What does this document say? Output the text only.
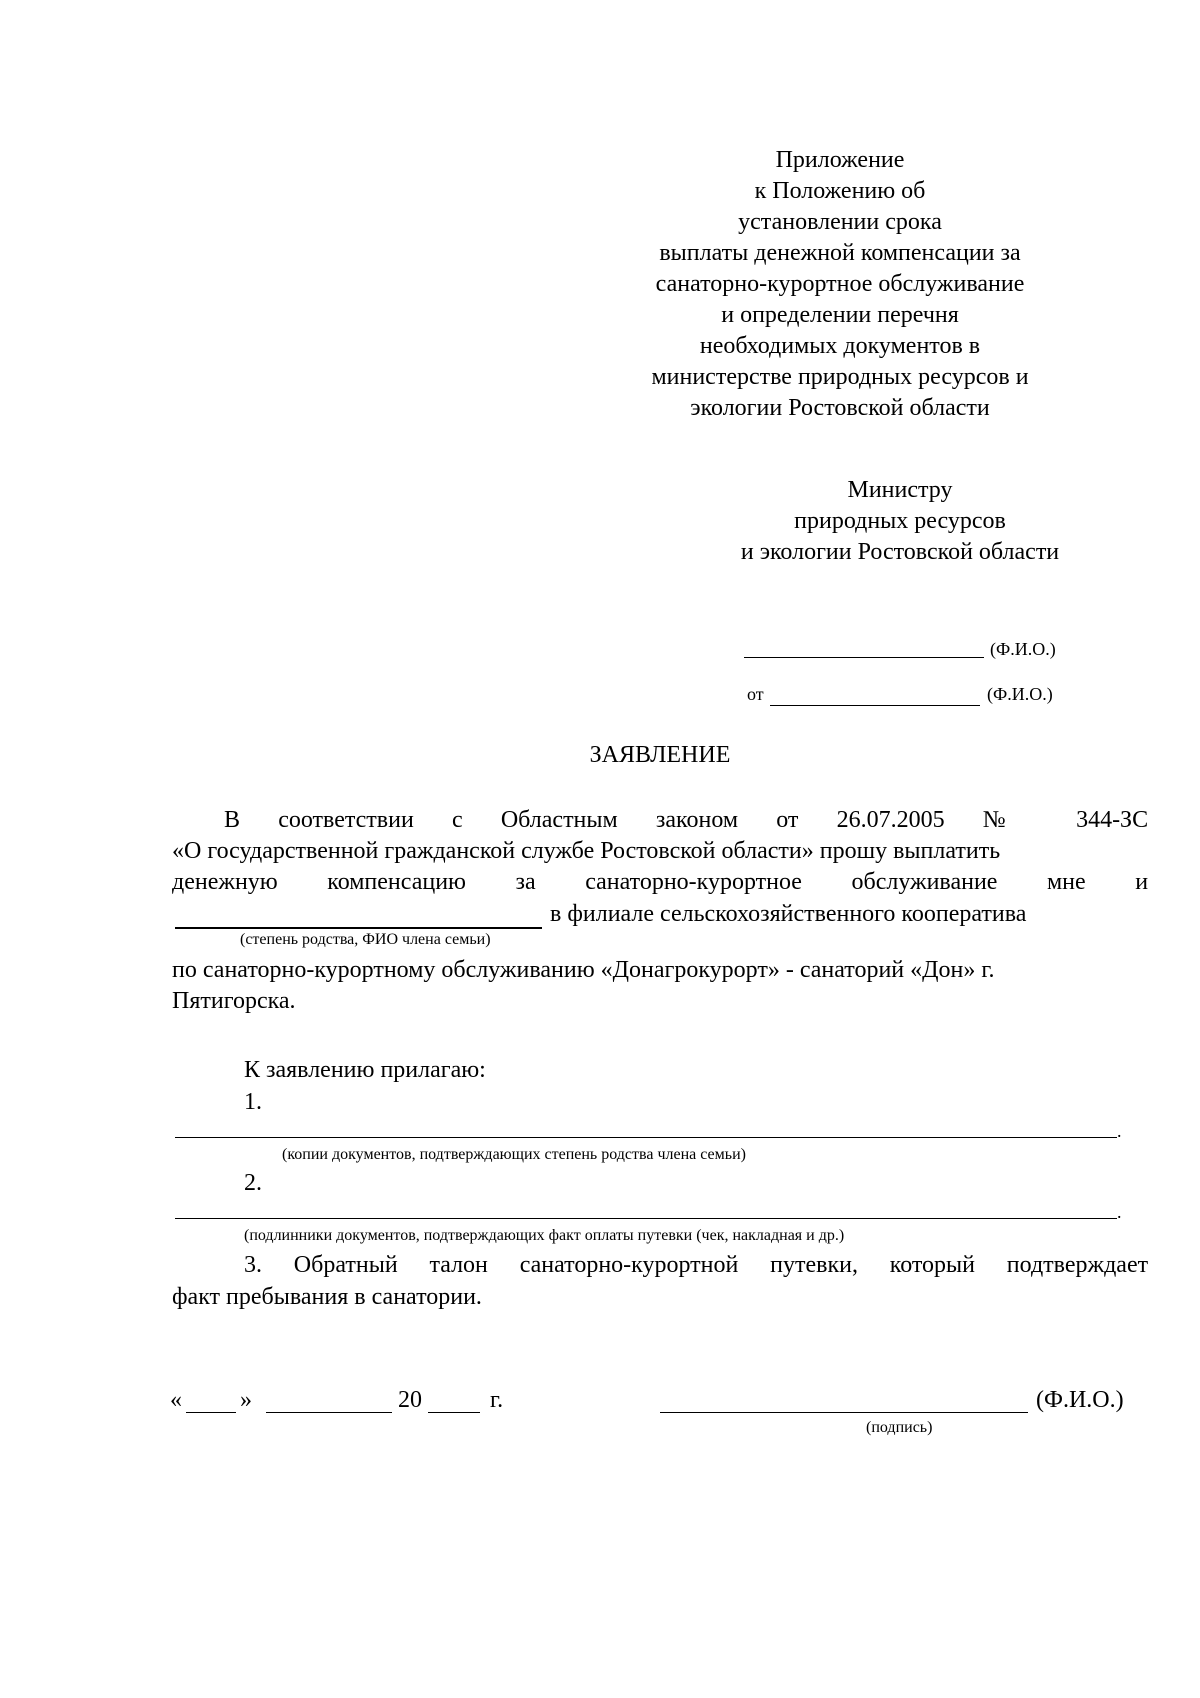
Приложение
к Положению об
установлении срока
выплаты денежной компенсации за
санаторно-курортное обслуживание
и определении перечня
необходимых документов в
министерстве природных ресурсов и
экологии Ростовской области
Министру
природных ресурсов
и экологии Ростовской области
(Ф.И.О.)
от	(Ф.И.О.)
ЗАЯВЛЕНИЕ
В соответствии с Областным законом от 26.07.2005 № 344-ЗС
«О государственной гражданской службе Ростовской области» прошу выплатить
денежную компенсацию за санаторно-курортное обслуживание мне и
в филиале сельскохозяйственного кооператива
(степень родства, ФИО члена семьи)
по санаторно-курортному обслуживанию «Донагрокурорт» - санаторий «Дон» г.
Пятигорска.
К заявлению прилагаю:
1.
.
(копии документов, подтверждающих степень родства члена семьи)
2.
.
(подлинники документов, подтверждающих факт оплаты путевки (чек, накладная и др.)
3. Обратный талон санаторно-курортной путевки, который подтверждает
факт пребывания в санатории.
« »	20	г.	(Ф.И.О.)
(подпись)
